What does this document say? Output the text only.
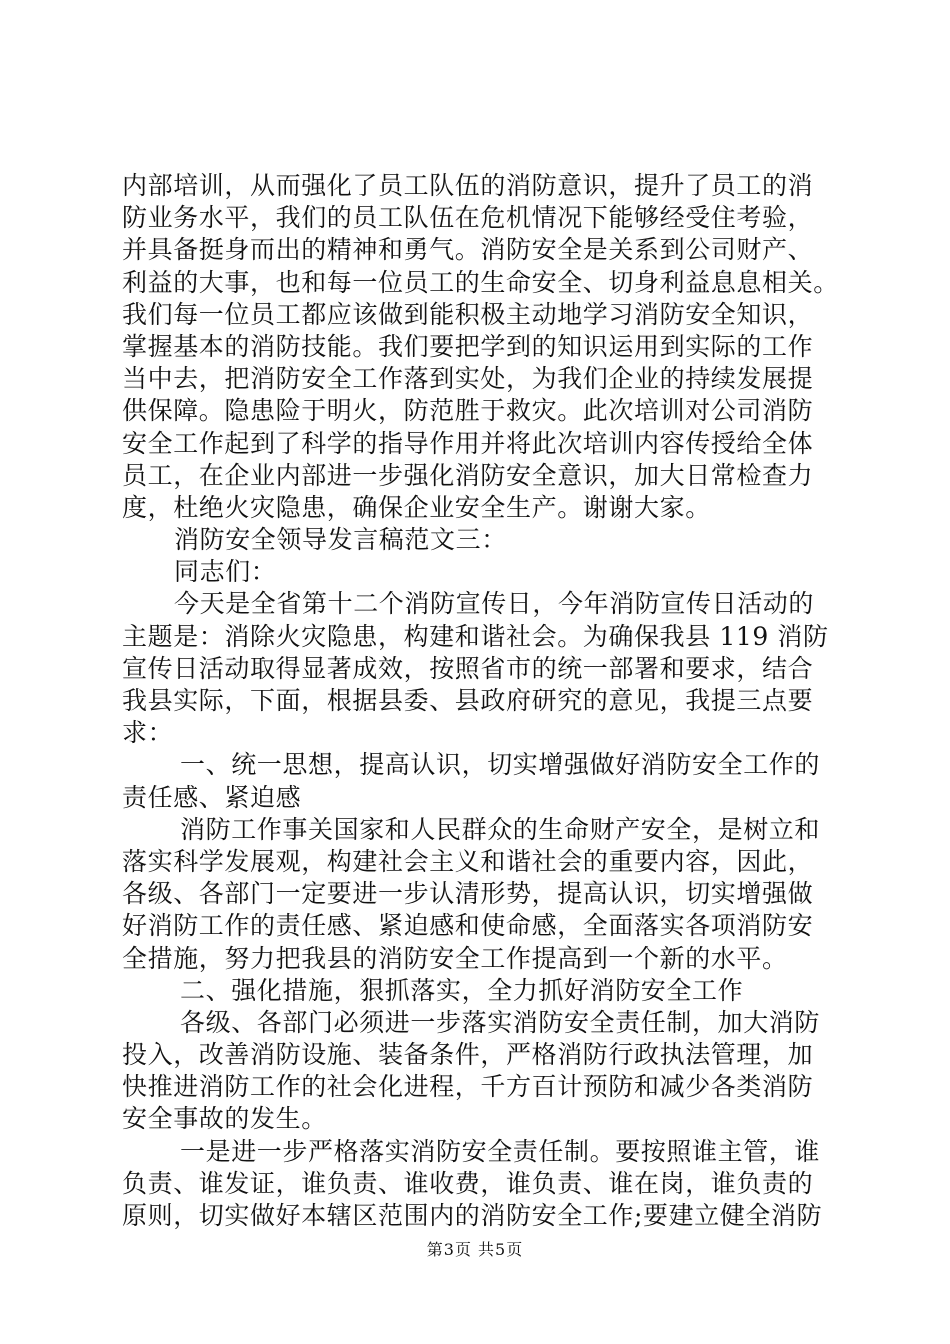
内部培训，从而强化了员工队伍的消防意识，提升了员工的消
防业务水平，我们的员工队伍在危机情况下能够经受住考验，
并具备挺身而出的精神和勇气。消防安全是关系到公司财产、
利益的大事，也和每一位员工的生命安全、切身利益息息相关。
我们每一位员工都应该做到能积极主动地学习消防安全知识，
掌握基本的消防技能。我们要把学到的知识运用到实际的工作
当中去，把消防安全工作落到实处，为我们企业的持续发展提
供保障。隐患险于明火，防范胜于救灾。此次培训对公司消防
安全工作起到了科学的指导作用并将此次培训内容传授给全体
员工，在企业内部进一步强化消防安全意识，加大日常检查力
度，杜绝火灾隐患，确保企业安全生产。谢谢大家。
消防安全领导发言稿范文三：
同志们：
今天是全省第十二个消防宣传日，今年消防宣传日活动的
主题是：消除火灾隐患，构建和谐社会。为确保我县 119 消防
宣传日活动取得显著成效，按照省市的统一部署和要求，结合
我县实际，下面，根据县委、县政府研究的意见，我提三点要
求：
一、统一思想，提高认识，切实增强做好消防安全工作的
责任感、紧迫感
消防工作事关国家和人民群众的生命财产安全，是树立和
落实科学发展观，构建社会主义和谐社会的重要内容，因此，
各级、各部门一定要进一步认清形势，提高认识，切实增强做
好消防工作的责任感、紧迫感和使命感，全面落实各项消防安
全措施，努力把我县的消防安全工作提高到一个新的水平。
二、强化措施，狠抓落实，全力抓好消防安全工作
各级、各部门必须进一步落实消防安全责任制，加大消防
投入，改善消防设施、装备条件，严格消防行政执法管理，加
快推进消防工作的社会化进程，千方百计预防和减少各类消防
安全事故的发生。
一是进一步严格落实消防安全责任制。要按照谁主管，谁
负责、谁发证，谁负责、谁收费，谁负责、谁在岗，谁负责的
原则，切实做好本辖区范围内的消防安全工作;要建立健全消防
第3页 共5页
